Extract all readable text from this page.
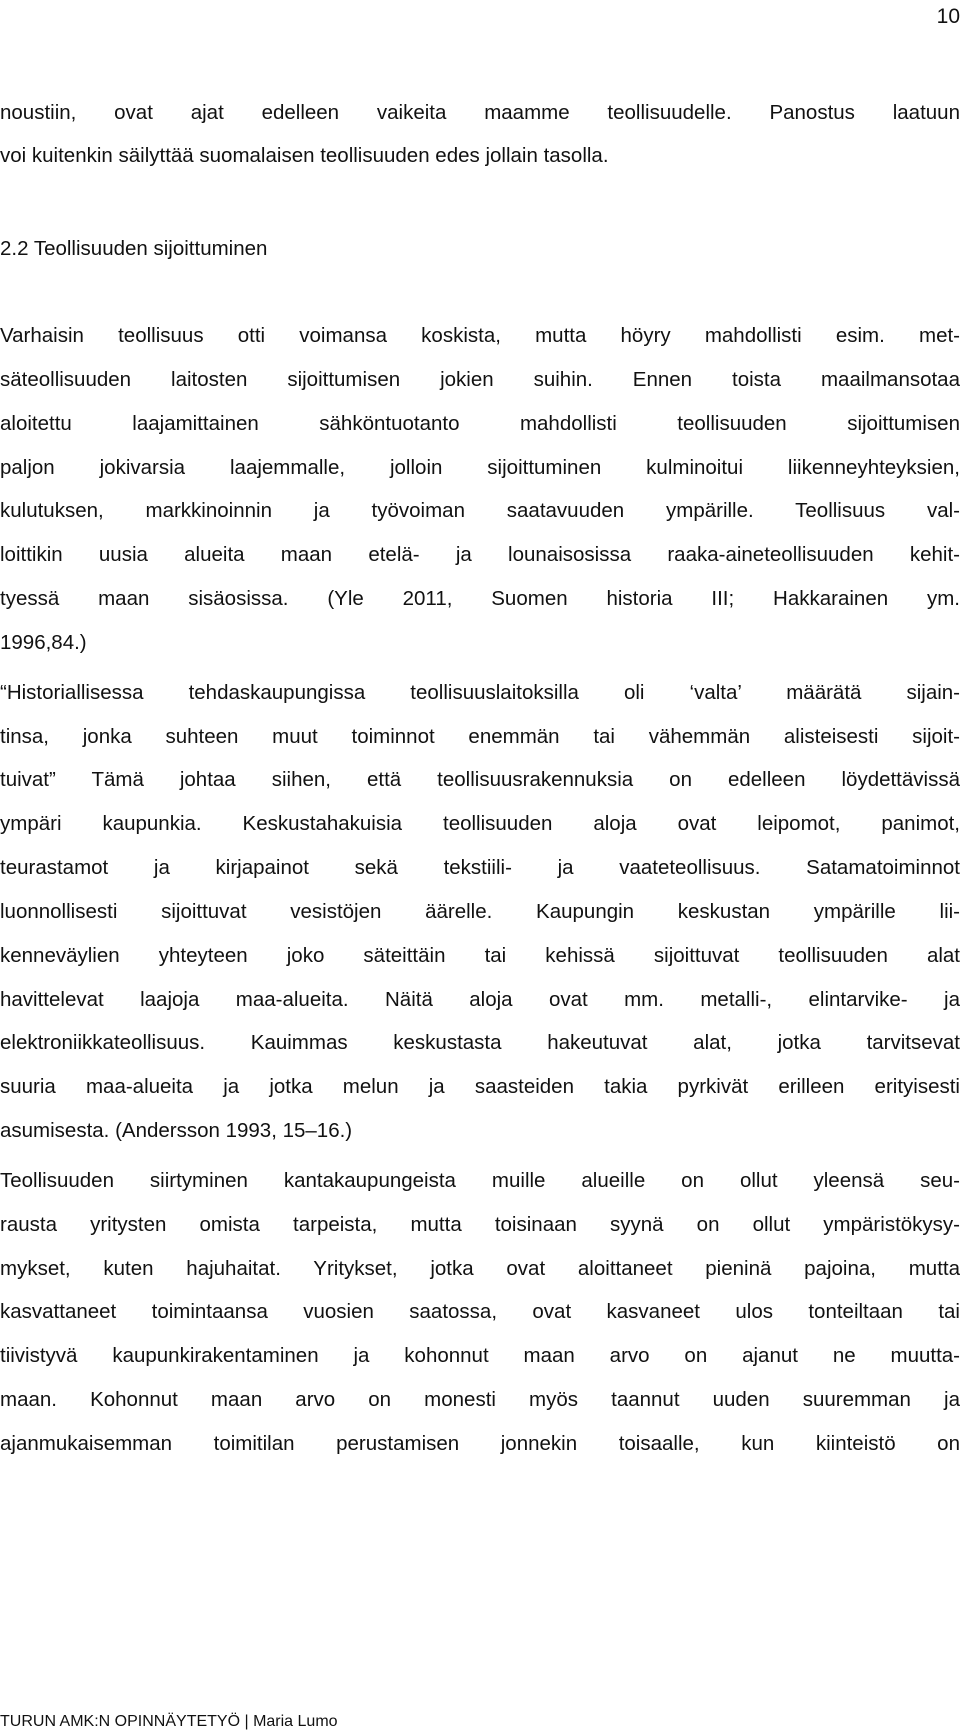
10
noustiin, ovat ajat edelleen vaikeita maamme teollisuudelle. Panostus laatuun
voi kuitenkin säilyttää suomalaisen teollisuuden edes jollain tasolla.
2.2 Teollisuuden sijoittuminen
Varhaisin teollisuus otti voimansa koskista, mutta höyry mahdollisti esim. met-
säteollisuuden laitosten sijoittumisen jokien suihin. Ennen toista maailmansotaa
aloitettu laajamittainen sähköntuotanto mahdollisti teollisuuden sijoittumisen
paljon jokivarsia laajemmalle, jolloin sijoittuminen kulminoitui liikenneyhteyksien,
kulutuksen, markkinoinnin ja työvoiman saatavuuden ympärille. Teollisuus val-
loittikin uusia alueita maan etelä- ja lounaisosissa raaka-aineteollisuuden kehit-
tyessä maan sisäosissa. (Yle 2011, Suomen historia III; Hakkarainen ym.
1996,84.)
“Historiallisessa tehdaskaupungissa teollisuuslaitoksilla oli ‘valta’ määrätä sijain-
tinsa, jonka suhteen muut toiminnot enemmän tai vähemmän alisteisesti sijoit-
tuivat” Tämä johtaa siihen, että teollisuusrakennuksia on edelleen löydettävissä
ympäri kaupunkia. Keskustahakuisia teollisuuden aloja ovat leipomot, panimot,
teurastamot ja kirjapainot sekä tekstiili- ja vaateteollisuus. Satamatoiminnot
luonnollisesti sijoittuvat vesistöjen äärelle. Kaupungin keskustan ympärille lii-
kenneväylien yhteyteen joko säteittäin tai kehissä sijoittuvat teollisuuden alat
havittelevat laajoja maa-alueita. Näitä aloja ovat mm. metalli-, elintarvike- ja
elektroniikkateollisuus. Kauimmas keskustasta hakeutuvat alat, jotka tarvitsevat
suuria maa-alueita ja jotka melun ja saasteiden takia pyrkivät erilleen erityisesti
asumisesta. (Andersson 1993, 15–16.)
Teollisuuden siirtyminen kantakaupungeista muille alueille on ollut yleensä seu-
rausta yritysten omista tarpeista, mutta toisinaan syynä on ollut ympäristökysy-
mykset, kuten hajuhaitat. Yritykset, jotka ovat aloittaneet pieninä pajoina, mutta
kasvattaneet toimintaansa vuosien saatossa, ovat kasvaneet ulos tonteiltaan tai
tiivistyvä kaupunkirakentaminen ja kohonnut maan arvo on ajanut ne muutta-
maan. Kohonnut maan arvo on monesti myös taannut uuden suuremman ja
ajanmukaisemman toimitilan perustamisen jonnekin toisaalle, kun kiinteistö on
TURUN AMK:N OPINNÄYTETYÖ | Maria Lumo
